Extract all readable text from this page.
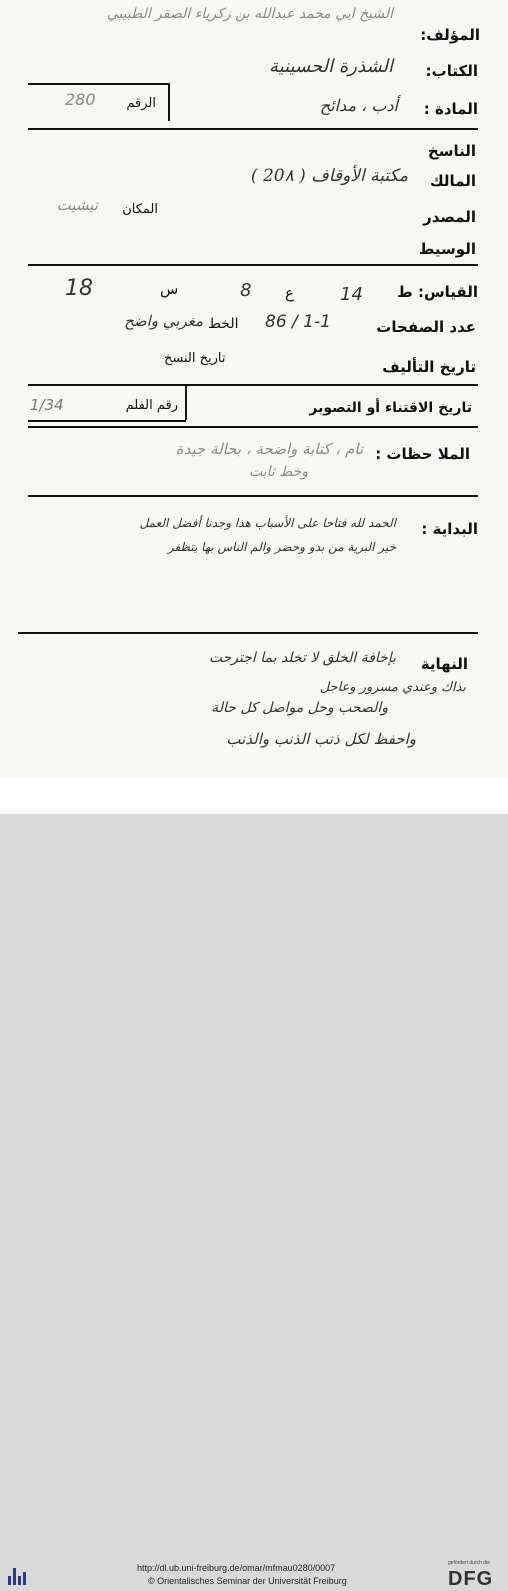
المؤلف:
الشيخ ابي محمد عبدالله بن زكرياء الصقر الطبيبي
الكتاب:
الشذرة الحسينية
الرقم
280	المادة :
أدب ، مدائح
الناسخ
المالك
مكتبة الأوقاف ( 20٨ )
المكان
تيشيت
المصدر
الوسيط
القياس: ط
14
ع
8
س
18
عدد الصفحات
86 / 1-1
الخط
مغربي واضح
تاريخ التأليف
تاريخ النسخ
تاريخ الاقتناء أو التصوير
رقم الفلم
1/34
الملا حظات :
تام ، كتابة واضحة ، بحالة جيدة
وخط ثابت
البداية :
الحمد لله فتاحا على الأسباب هذا وجدنا أفضل العمل
خير البرية من بدو وحضر والم الناس بها يتظفر
النهاية
بإخافة الخلق لا تخلد بما اجترحت
بذاك وعندي مسرور وعاجل
والصحب وحل مواصل كل حالة
واحفظ لكل ذنب الذنب والذنب
http://dl.ub.uni-freiburg.de/omar/mfmau0280/0007
© Orientalisches Seminar der Universität Freiburg
gefördert durch die
DFG
